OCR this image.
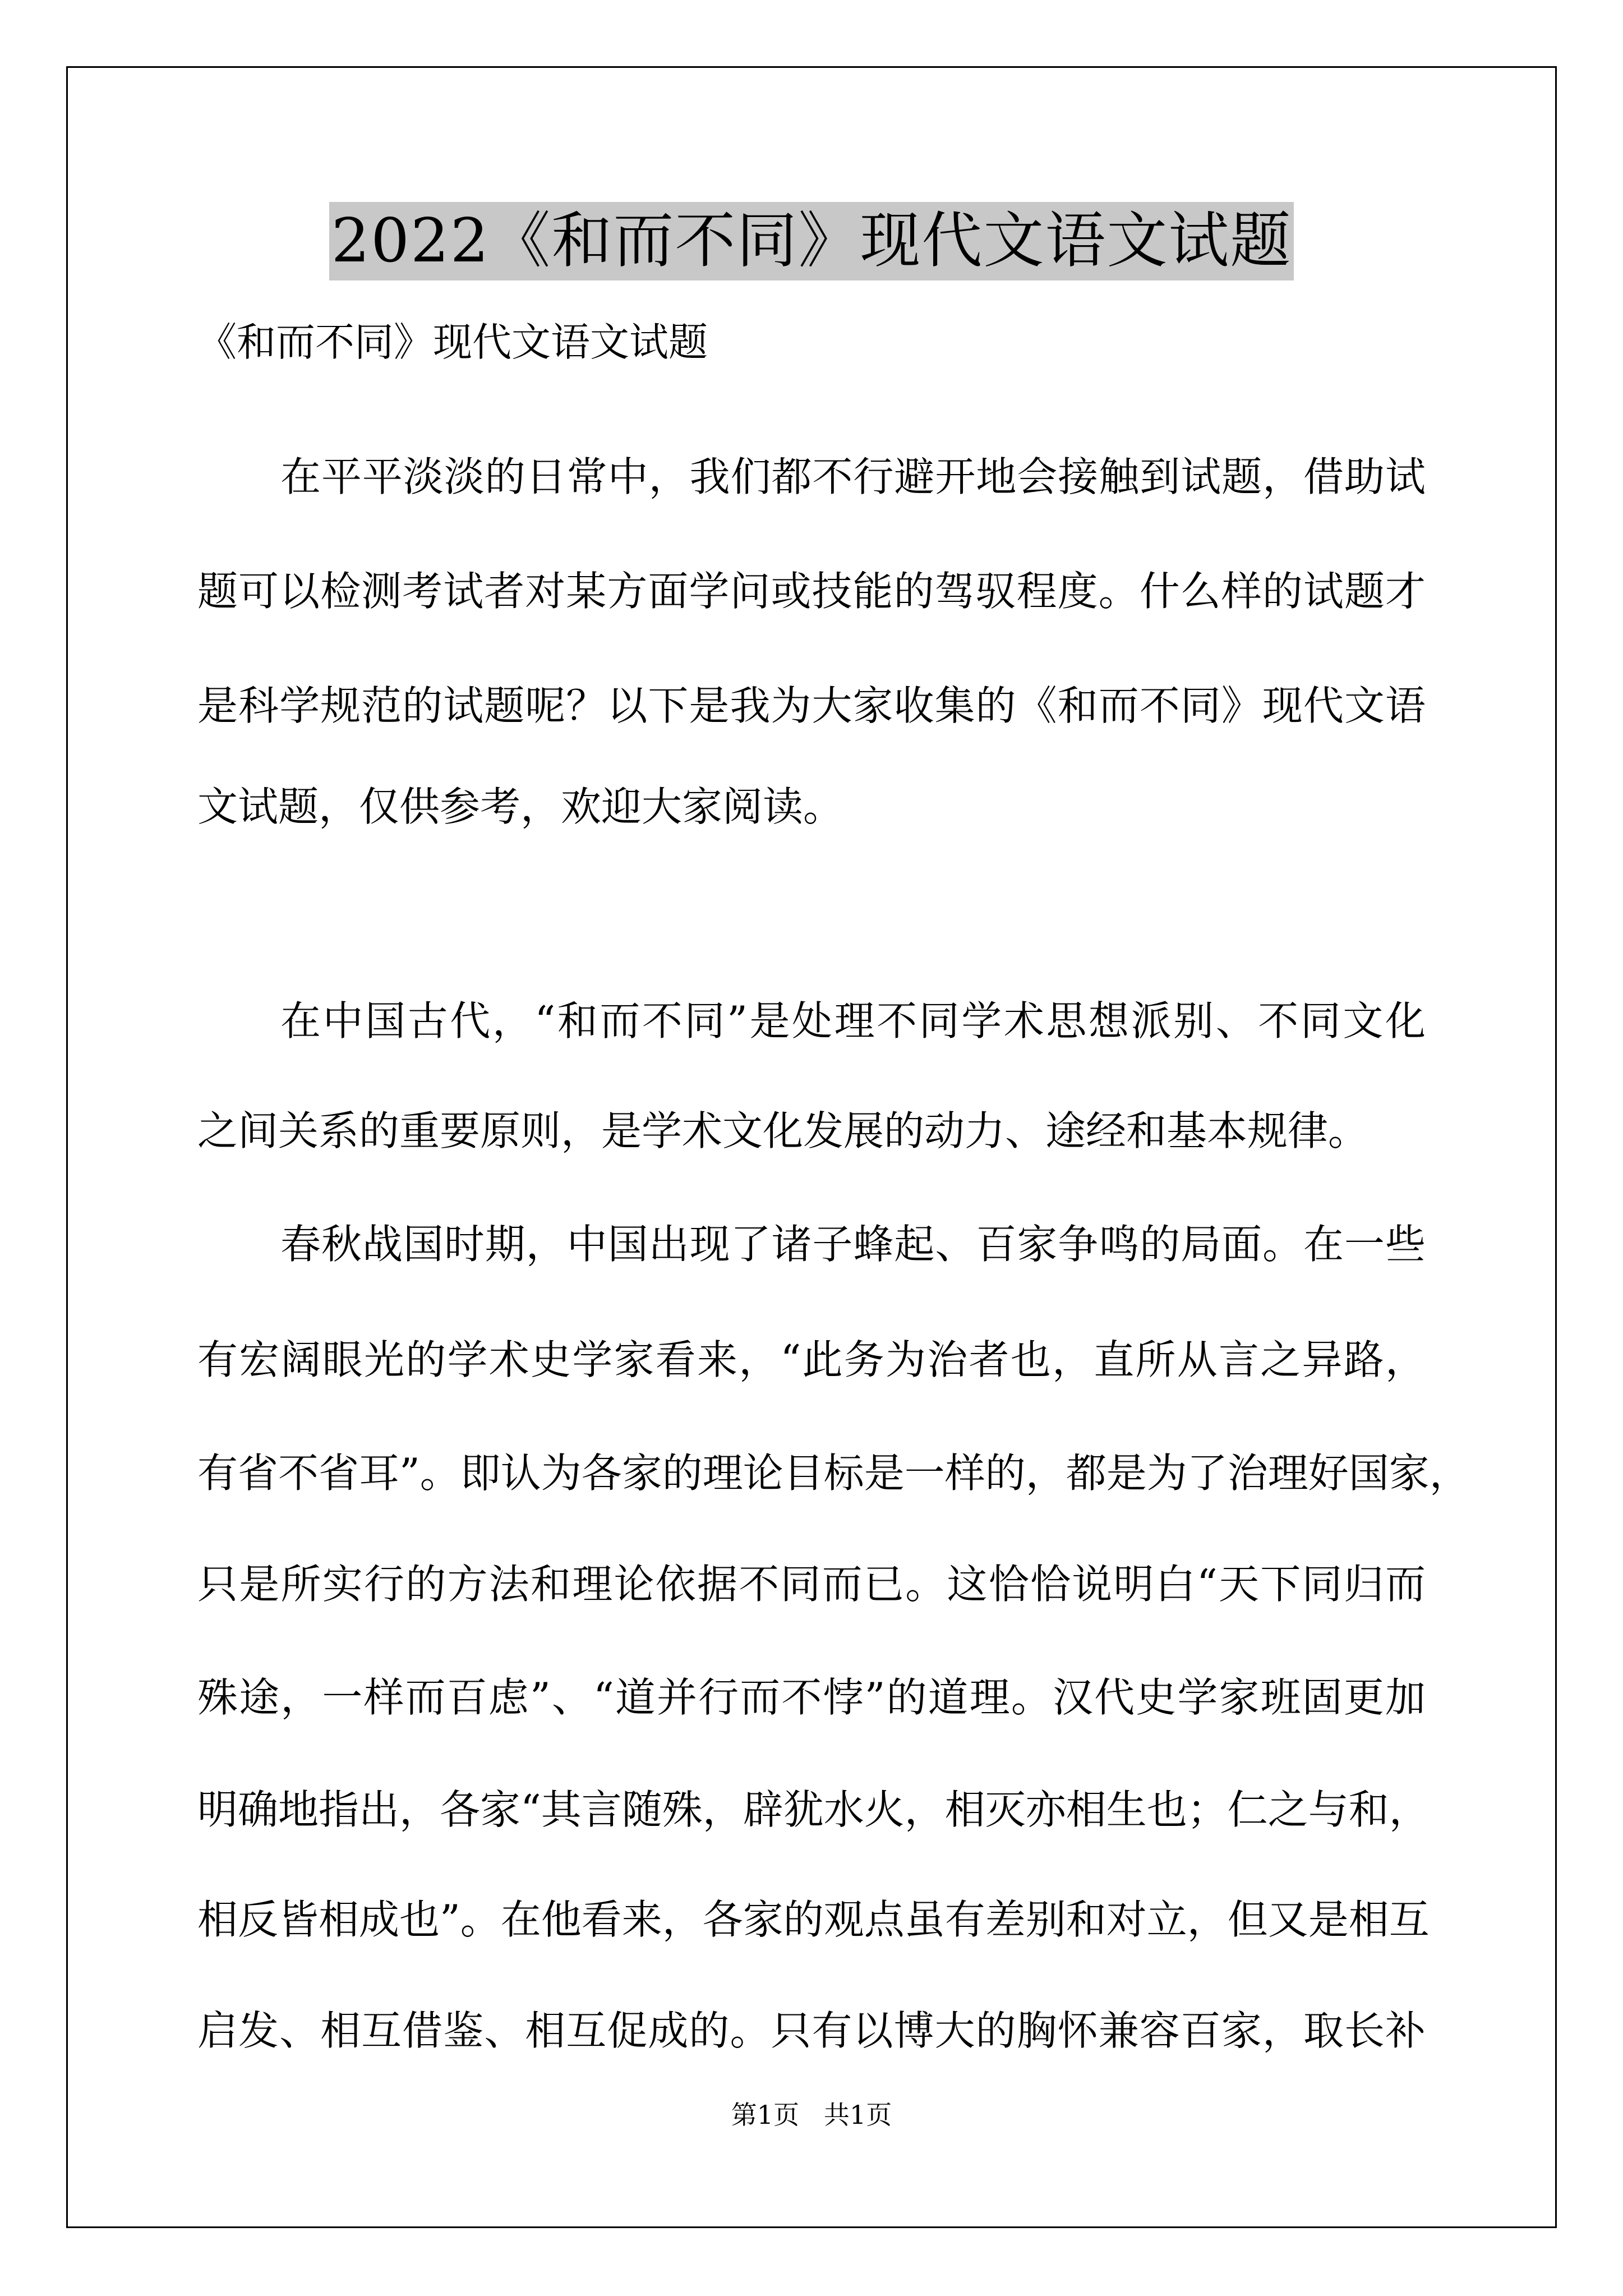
2022《和而不同》现代文语文试题
《和而不同》现代文语文试题
在平平淡淡的日常中，我们都不行避开地会接触到试题，借助试
题可以检测考试者对某方面学问或技能的驾驭程度。什么样的试题才
是科学规范的试题呢？以下是我为大家收集的《和而不同》现代文语
文试题，仅供参考，欢迎大家阅读。
在中国古代，“和而不同”是处理不同学术思想派别、不同文化
之间关系的重要原则，是学术文化发展的动力、途经和基本规律。
春秋战国时期，中国出现了诸子蜂起、百家争鸣的局面。在一些
有宏阔眼光的学术史学家看来，“此务为治者也，直所从言之异路，
有省不省耳”。即认为各家的理论目标是一样的，都是为了治理好国家，
只是所实行的方法和理论依据不同而已。这恰恰说明白“天下同归而
殊途，一样而百虑”、“道并行而不悖”的道理。汉代史学家班固更加
明确地指出，各家“其言随殊，辟犹水火，相灭亦相生也；仁之与和，
相反皆相成也”。在他看来，各家的观点虽有差别和对立，但又是相互
启发、相互借鉴、相互促成的。只有以博大的胸怀兼容百家，取长补
第1页   共1页
